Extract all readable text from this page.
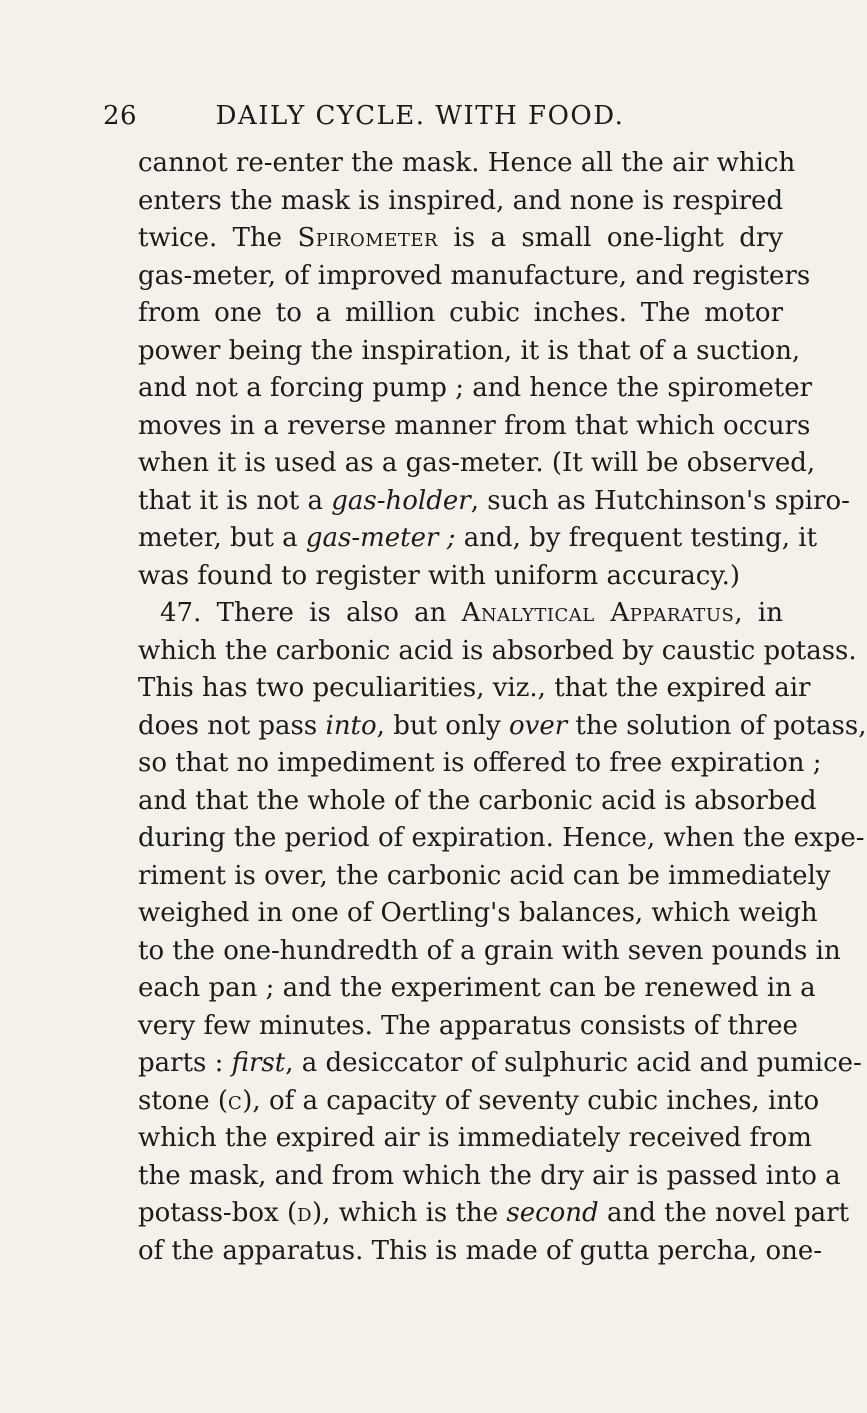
26	DAILY CYCLE. WITH FOOD.
cannot re-enter the mask. Hence all the air which
enters the mask is inspired, and none is respired
twice. The Spirometer is a small one-light dry
gas-meter, of improved manufacture, and registers
from one to a million cubic inches. The motor
power being the inspiration, it is that of a suction,
and not a forcing pump ; and hence the spirometer
moves in a reverse manner from that which occurs
when it is used as a gas-meter. (It will be observed,
that it is not a gas-holder, such as Hutchinson's spiro-
meter, but a gas-meter ; and, by frequent testing, it
was found to register with uniform accuracy.)
47. There is also an Analytical Apparatus, in
which the carbonic acid is absorbed by caustic potass.
This has two peculiarities, viz., that the expired air
does not pass into, but only over the solution of potass,
so that no impediment is offered to free expiration ;
and that the whole of the carbonic acid is absorbed
during the period of expiration. Hence, when the expe-
riment is over, the carbonic acid can be immediately
weighed in one of Oertling's balances, which weigh
to the one-hundredth of a grain with seven pounds in
each pan ; and the experiment can be renewed in a
very few minutes. The apparatus consists of three
parts : first, a desiccator of sulphuric acid and pumice-
stone (c), of a capacity of seventy cubic inches, into
which the expired air is immediately received from
the mask, and from which the dry air is passed into a
potass-box (d), which is the second and the novel part
of the apparatus. This is made of gutta percha, one-
